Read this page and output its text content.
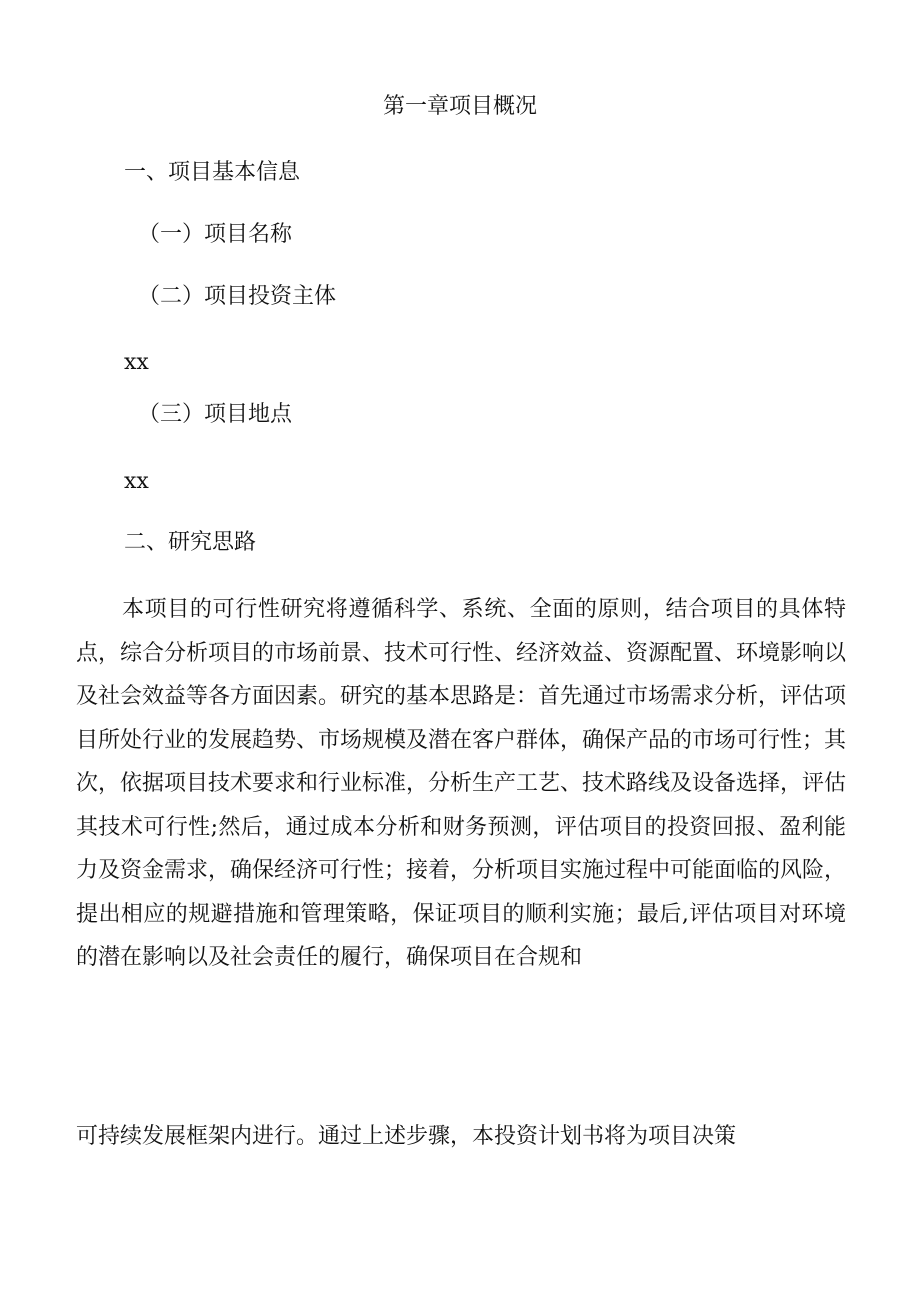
第一章项目概况
一、项目基本信息
（一）项目名称
（二）项目投资主体
xx
（三）项目地点
xx
二、研究思路
本项目的可行性研究将遵循科学、系统、全面的原则，结合项目的具体特点，综合分析项目的市场前景、技术可行性、经济效益、资源配置、环境影响以及社会效益等各方面因素。研究的基本思路是：首先通过市场需求分析，评估项目所处行业的发展趋势、市场规模及潜在客户群体，确保产品的市场可行性；其次，依据项目技术要求和行业标准，分析生产工艺、技术路线及设备选择，评估其技术可行性;然后，通过成本分析和财务预测，评估项目的投资回报、盈利能力及资金需求，确保经济可行性；接着，分析项目实施过程中可能面临的风险，提出相应的规避措施和管理策略，保证项目的顺利实施；最后,评估项目对环境的潜在影响以及社会责任的履行，确保项目在合规和
可持续发展框架内进行。通过上述步骤，本投资计划书将为项目决策
